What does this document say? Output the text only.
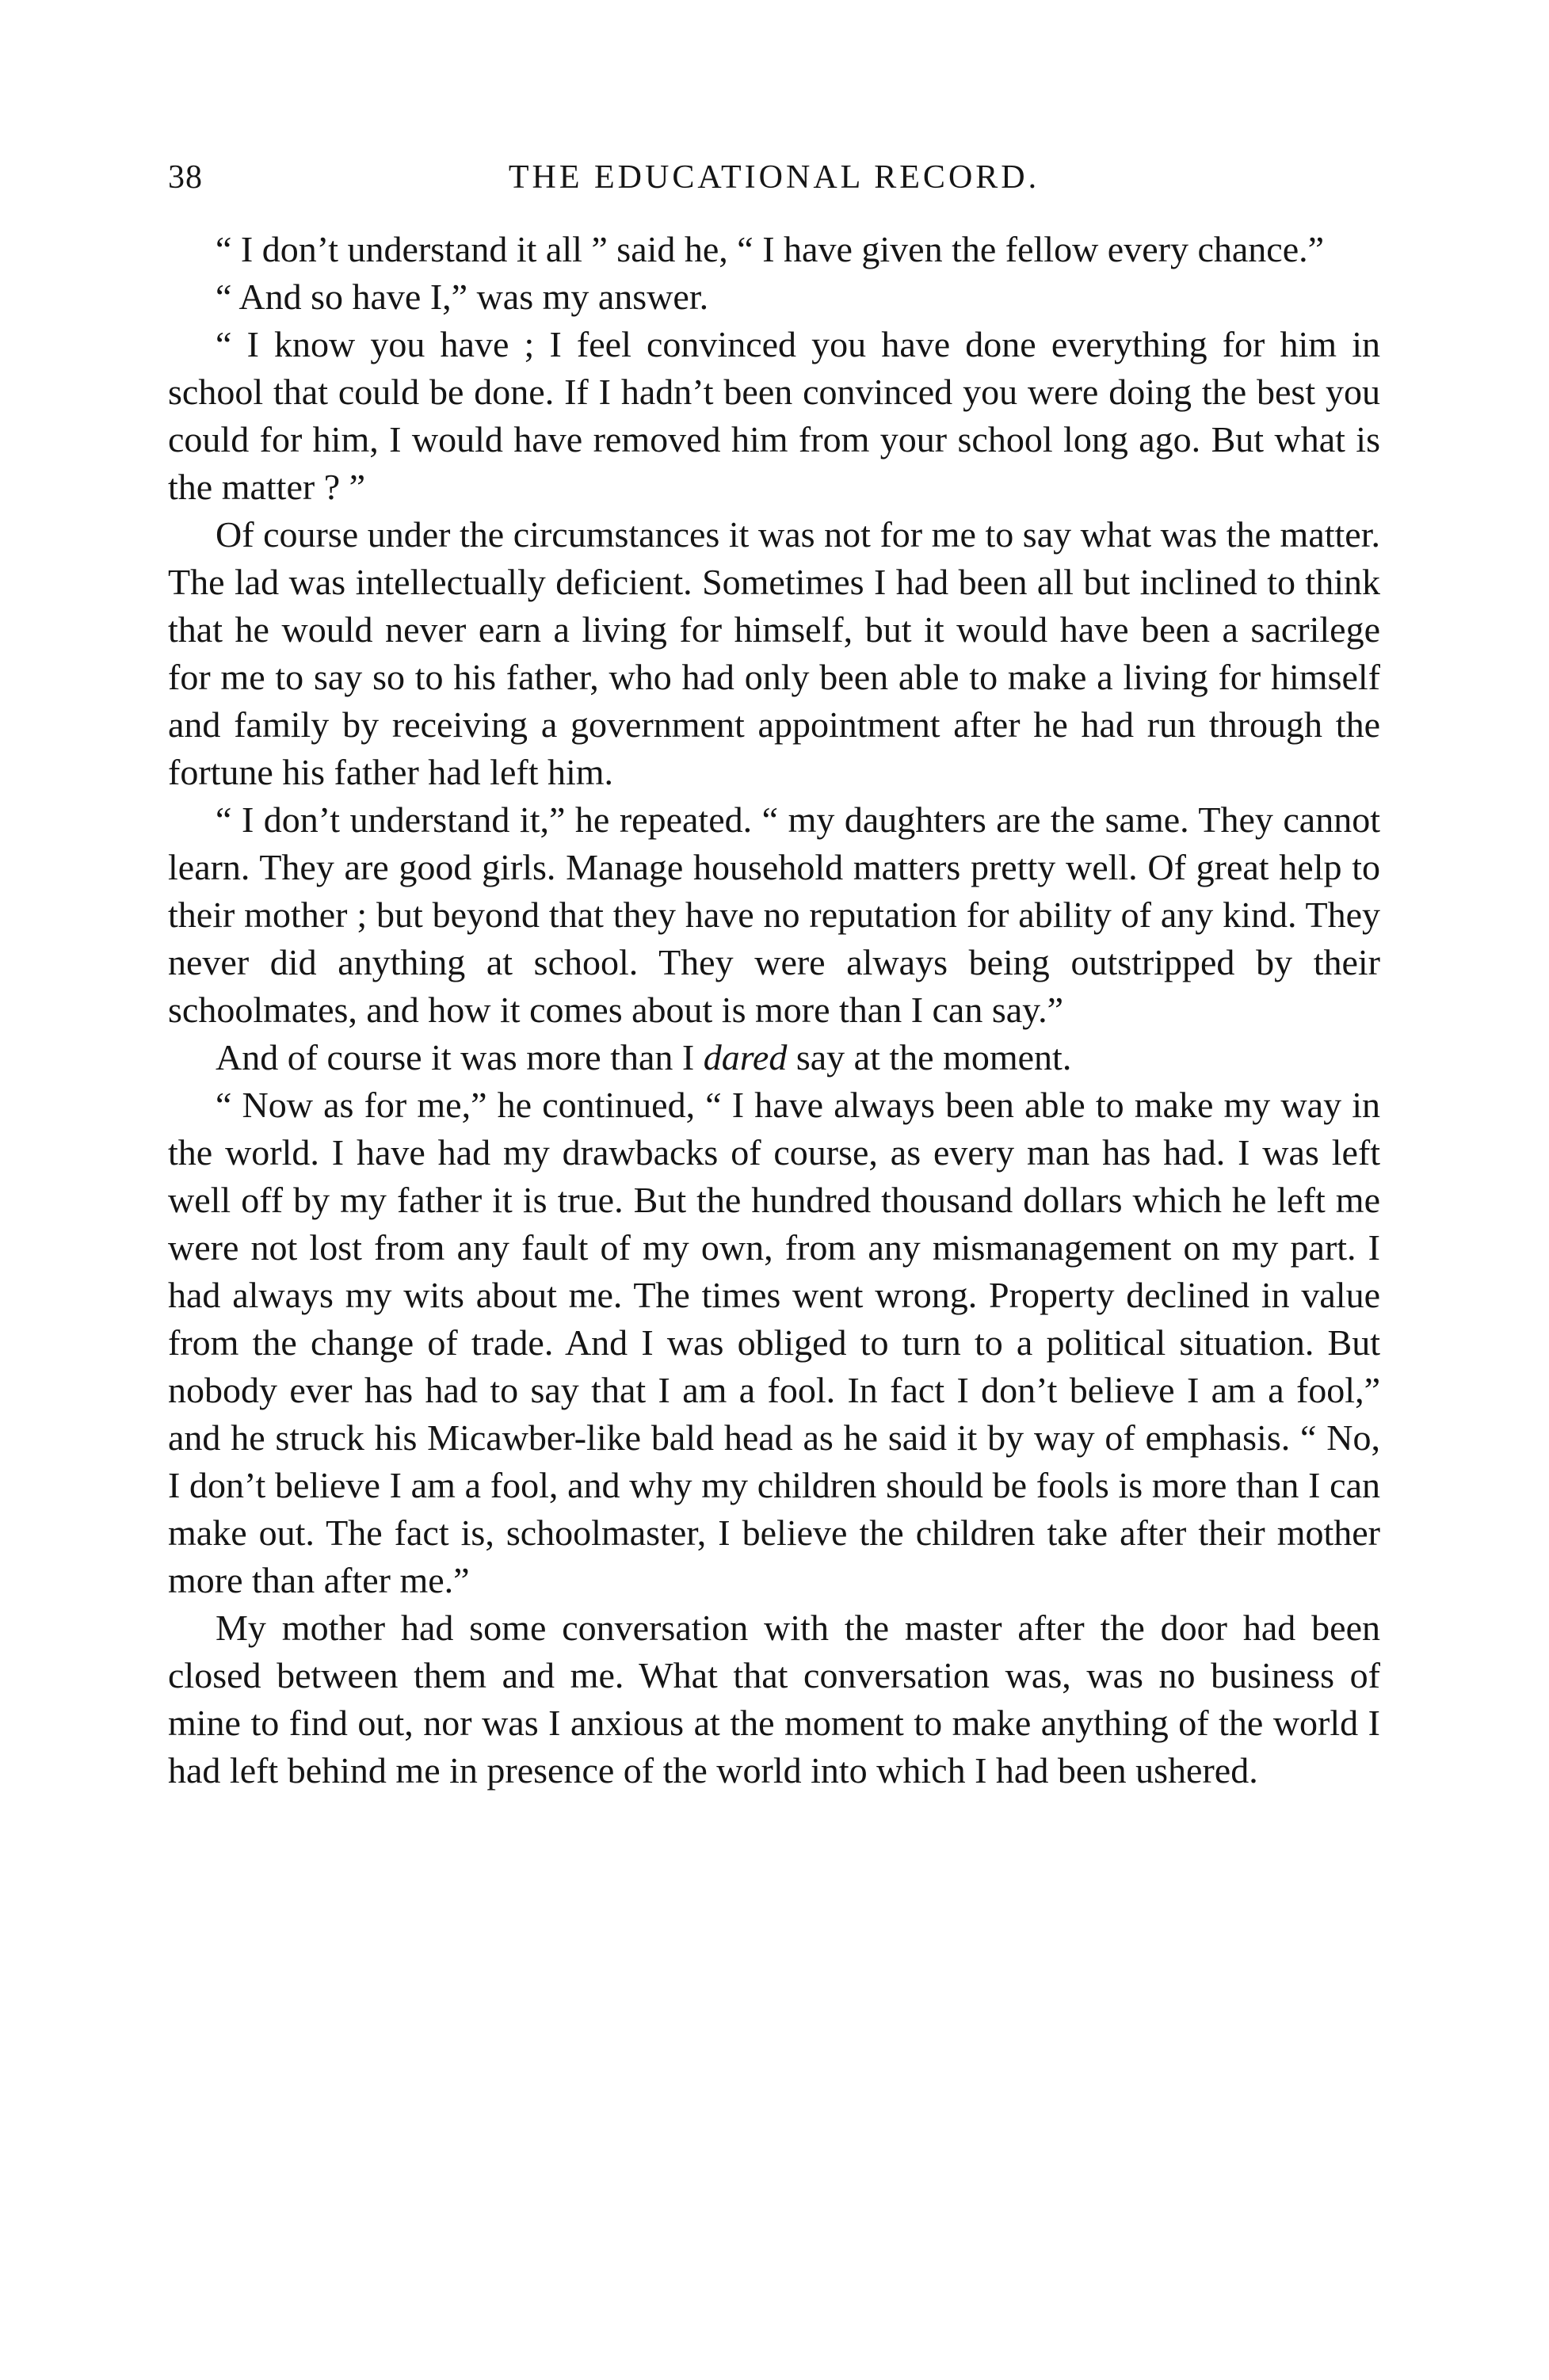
38	THE EDUCATIONAL RECORD.

“ I don’t understand it all ” said he, “ I have given the fellow every chance.”

“ And so have I,” was my answer.

“ I know you have ; I feel convinced you have done everything for him in school that could be done. If I hadn’t been convinced you were doing the best you could for him, I would have removed him from your school long ago. But what is the matter ? ”

Of course under the circumstances it was not for me to say what was the matter. The lad was intellectually deficient. Sometimes I had been all but inclined to think that he would never earn a living for himself, but it would have been a sacrilege for me to say so to his father, who had only been able to make a living for himself and family by receiving a government appointment after he had run through the fortune his father had left him.

“ I don’t understand it,” he repeated. “ my daughters are the same. They cannot learn. They are good girls. Manage household matters pretty well. Of great help to their mother ; but beyond that they have no reputation for ability of any kind. They never did anything at school. They were always being outstripped by their schoolmates, and how it comes about is more than I can say.”

And of course it was more than I dared say at the moment.

“ Now as for me,” he continued, “ I have always been able to make my way in the world. I have had my drawbacks of course, as every man has had. I was left well off by my father it is true. But the hundred thousand dollars which he left me were not lost from any fault of my own, from any mismanagement on my part. I had always my wits about me. The times went wrong. Property declined in value from the change of trade. And I was obliged to turn to a political situation. But nobody ever has had to say that I am a fool. In fact I don’t believe I am a fool,” and he struck his Micawber-like bald head as he said it by way of emphasis. “ No, I don’t believe I am a fool, and why my children should be fools is more than I can make out. The fact is, schoolmaster, I believe the children take after their mother more than after me.”

My mother had some conversation with the master after the door had been closed between them and me. What that conversation was, was no business of mine to find out, nor was I anxious at the moment to make anything of the world I had left behind me in presence of the world into which I had been ushered.
